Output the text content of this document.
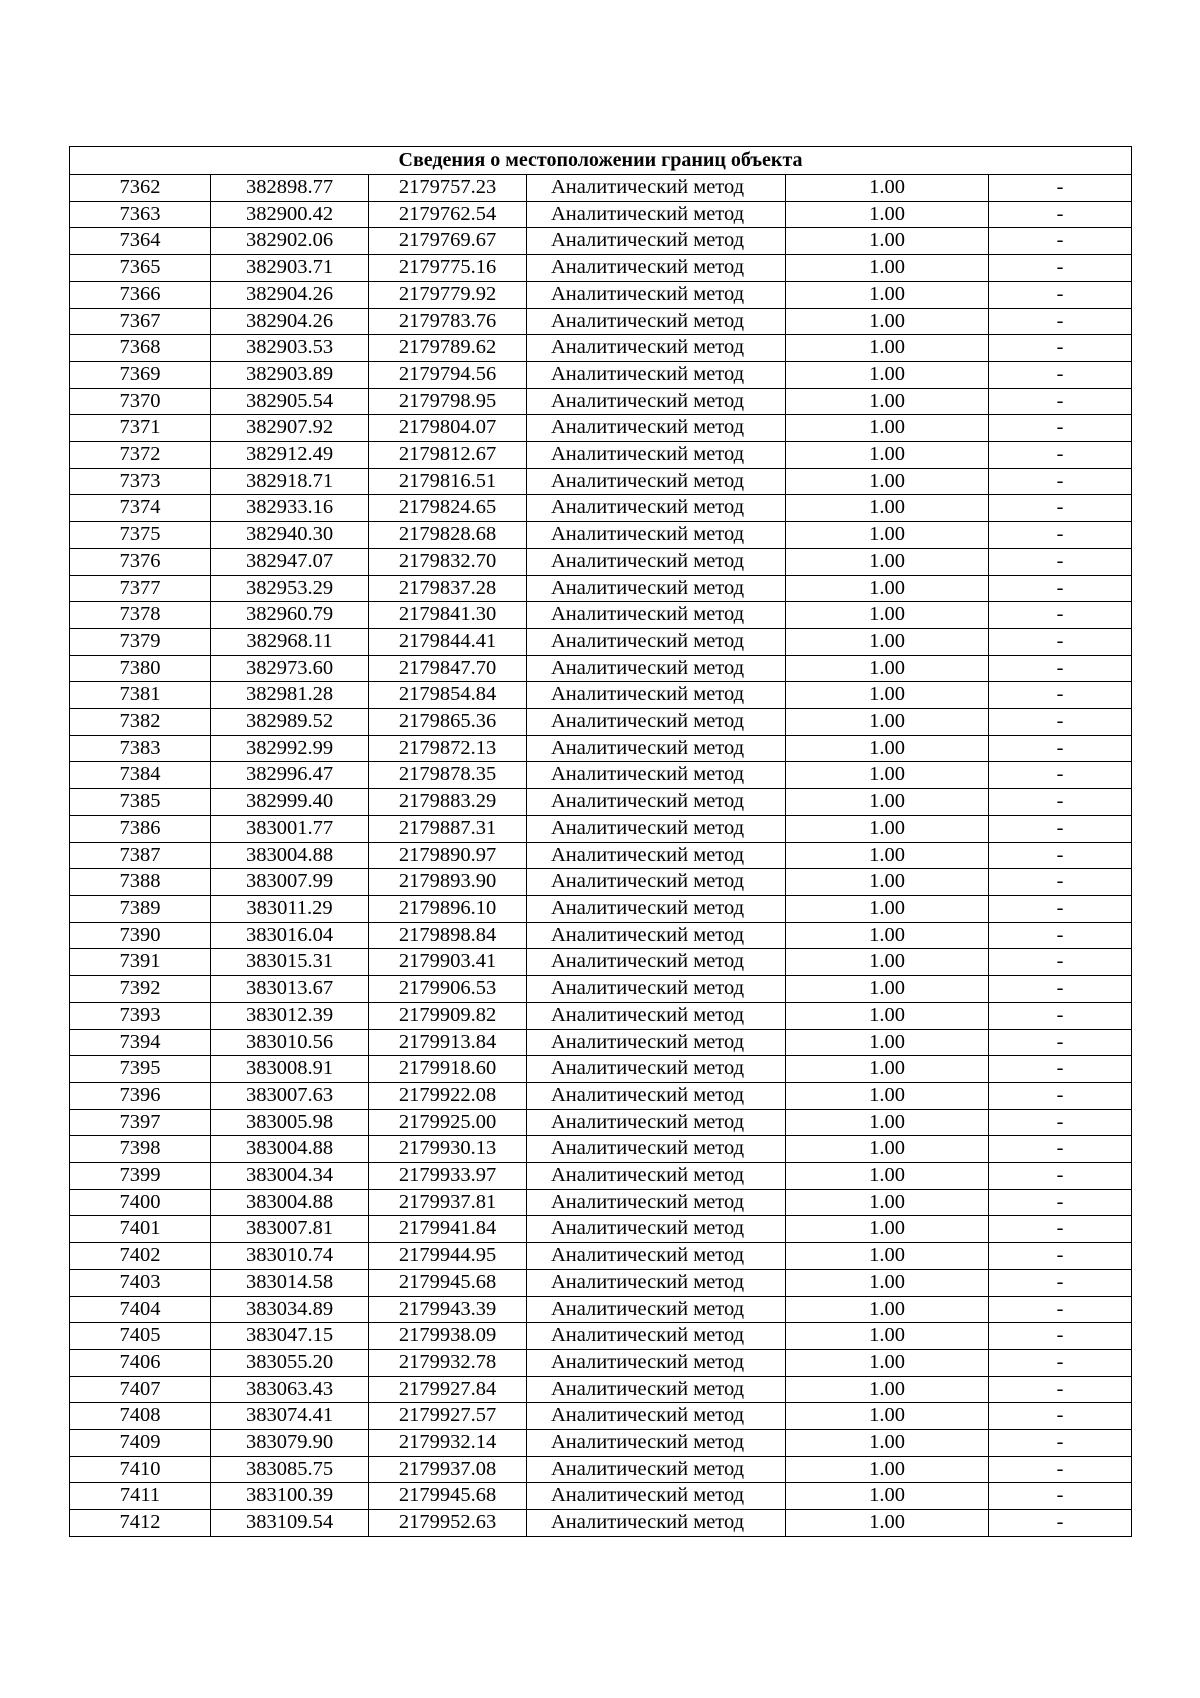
Сведения о местоположении границ объекта					
7362	382898.77	2179757.23	Аналитический метод	1.00	-
7363	382900.42	2179762.54	Аналитический метод	1.00	-
7364	382902.06	2179769.67	Аналитический метод	1.00	-
7365	382903.71	2179775.16	Аналитический метод	1.00	-
7366	382904.26	2179779.92	Аналитический метод	1.00	-
7367	382904.26	2179783.76	Аналитический метод	1.00	-
7368	382903.53	2179789.62	Аналитический метод	1.00	-
7369	382903.89	2179794.56	Аналитический метод	1.00	-
7370	382905.54	2179798.95	Аналитический метод	1.00	-
7371	382907.92	2179804.07	Аналитический метод	1.00	-
7372	382912.49	2179812.67	Аналитический метод	1.00	-
7373	382918.71	2179816.51	Аналитический метод	1.00	-
7374	382933.16	2179824.65	Аналитический метод	1.00	-
7375	382940.30	2179828.68	Аналитический метод	1.00	-
7376	382947.07	2179832.70	Аналитический метод	1.00	-
7377	382953.29	2179837.28	Аналитический метод	1.00	-
7378	382960.79	2179841.30	Аналитический метод	1.00	-
7379	382968.11	2179844.41	Аналитический метод	1.00	-
7380	382973.60	2179847.70	Аналитический метод	1.00	-
7381	382981.28	2179854.84	Аналитический метод	1.00	-
7382	382989.52	2179865.36	Аналитический метод	1.00	-
7383	382992.99	2179872.13	Аналитический метод	1.00	-
7384	382996.47	2179878.35	Аналитический метод	1.00	-
7385	382999.40	2179883.29	Аналитический метод	1.00	-
7386	383001.77	2179887.31	Аналитический метод	1.00	-
7387	383004.88	2179890.97	Аналитический метод	1.00	-
7388	383007.99	2179893.90	Аналитический метод	1.00	-
7389	383011.29	2179896.10	Аналитический метод	1.00	-
7390	383016.04	2179898.84	Аналитический метод	1.00	-
7391	383015.31	2179903.41	Аналитический метод	1.00	-
7392	383013.67	2179906.53	Аналитический метод	1.00	-
7393	383012.39	2179909.82	Аналитический метод	1.00	-
7394	383010.56	2179913.84	Аналитический метод	1.00	-
7395	383008.91	2179918.60	Аналитический метод	1.00	-
7396	383007.63	2179922.08	Аналитический метод	1.00	-
7397	383005.98	2179925.00	Аналитический метод	1.00	-
7398	383004.88	2179930.13	Аналитический метод	1.00	-
7399	383004.34	2179933.97	Аналитический метод	1.00	-
7400	383004.88	2179937.81	Аналитический метод	1.00	-
7401	383007.81	2179941.84	Аналитический метод	1.00	-
7402	383010.74	2179944.95	Аналитический метод	1.00	-
7403	383014.58	2179945.68	Аналитический метод	1.00	-
7404	383034.89	2179943.39	Аналитический метод	1.00	-
7405	383047.15	2179938.09	Аналитический метод	1.00	-
7406	383055.20	2179932.78	Аналитический метод	1.00	-
7407	383063.43	2179927.84	Аналитический метод	1.00	-
7408	383074.41	2179927.57	Аналитический метод	1.00	-
7409	383079.90	2179932.14	Аналитический метод	1.00	-
7410	383085.75	2179937.08	Аналитический метод	1.00	-
7411	383100.39	2179945.68	Аналитический метод	1.00	-
7412	383109.54	2179952.63	Аналитический метод	1.00	-
